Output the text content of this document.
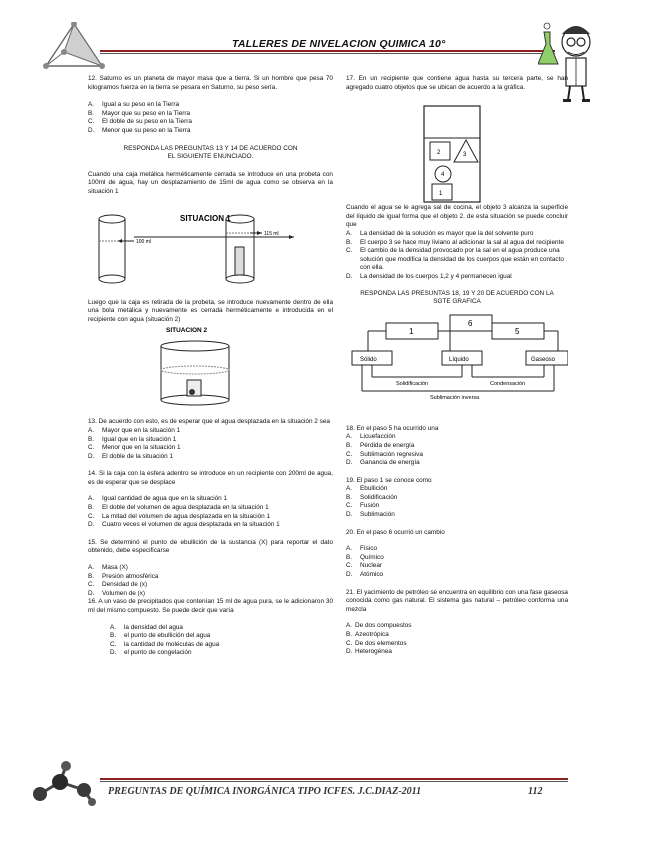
TALLERES DE NIVELACION QUIMICA 10°

12. Saturno es un planeta de mayor masa que a tierra. Si un hombre que pesa 70 kilogramos fuerza en la tierra se pesara en Saturno, su peso sería.

A.	Igual a su peso en la Tierra
B.	Mayor que su peso en la Tierra
C.	El doble de su peso en la Tierra
D.	Menor que su peso en la Tierra

RESPONDA LAS PREGUNTAS 13 Y 14 DE ACUERDO CON EL SIGUIENTE ENUNCIADO.

Cuando una caja metálica herméticamente cerrada se introduce en una probeta con 100ml de agua, hay un desplazamiento de 15ml de agua como se observa en la situación 1

SITUACION 1
100 ml
115 ml

Luego que la caja es retirada de la probeta, se introduce nuevamente dentro de ella una bola metálica y nuevamente es cerrada herméticamente e introducida en el recipiente con agua (situación 2)

SITUACION 2

13. De acuerdo con esto, es de esperar que el agua desplazada en la situación 2 sea

A.	Mayor que en la situación 1
B.	Igual que en la situación 1
C.	Menor que en la situación 1
D.	El doble de la situación 1

14. Si la caja con la esfera adentro se introduce en un recipiente con 200ml de agua, es de esperar que se desplace

A.	Igual cantidad de agua que en la situación 1
B.	El doble del volumen de agua desplazada en la situación 1
C.	La mitad del volumen de agua desplazada en la situación 1
D.	Cuatro veces el volumen de agua desplazada en la situación 1

15. Se determinó el punto de ebullición de la sustancia (X) para reportar el dato obtenido, debe especificarse

A.	Masa (X)
B.	Presión atmosférica
C.	Densidad de (x)
D.	Volumen de (x)

16. A un vaso de precipitados que contenían 15 ml de agua pura, se le adicionaron 30 ml del mismo compuesto. Se puede decir que varía

A.	la densidad del agua
B.	el punto de ebullición del agua
C.	la cantidad de moléculas de agua
D.	el punto de congelación

17. En un recipiente que contiene agua hasta su tercera parte, se han agregado cuatro objetos que se ubican de acuerdo a la gráfica.

2	3
4
1

Cuando el agua se le agrega sal de cocina, el objeto 3 alcanza la superficie del líquido de igual forma que el objeto 2. de esta situación se puede concluir que

A.	La densidad de la solución es mayor que la del solvente puro
B.	El cuerpo 3 se hace muy liviano al adicionar la sal al agua del recipiente
C.	El cambio de la densidad provocado por la sal en el agua produce una solución que modifica la densidad de los cuerpos que están en contacto con ella.
D.	La densidad de los cuerpos 1,2 y 4 permanecen igual

RESPONDA LAS PRESUNTAS 18, 19 Y 20 DE ACUERDO CON LA SGTE GRAFICA

6
1	5
Sólido	Líquido	Gaseoso
Solidificación	Condensación
Sublimación inversa

18. En el paso 5 ha ocurrido una

A.	Licuefacción
B.	Pérdida de energía
C.	Sublimación regresiva
D.	Ganancia de energía

19. El paso 1 se conoce como

A.	Ebullición
B.	Solidificación
C.	Fusión
D.	Sublimación

20. En el paso 6 ocurrió un cambio

A.	Físico
B.	Químico
C.	Nuclear
D.	Atómico

21. El yacimiento de petróleo se encuentra en equilibrio con una fase gaseosa conocida como gas natural. El sistema gas natural – petróleo conforma una mezcla

A. De dos compuestos
B. Azeotrópica
C. De dos elementos
D. Heterogénea
PREGUNTAS DE QUÍMICA INORGÁNICA TIPO ICFES. J.C.DIAZ-2011	112
